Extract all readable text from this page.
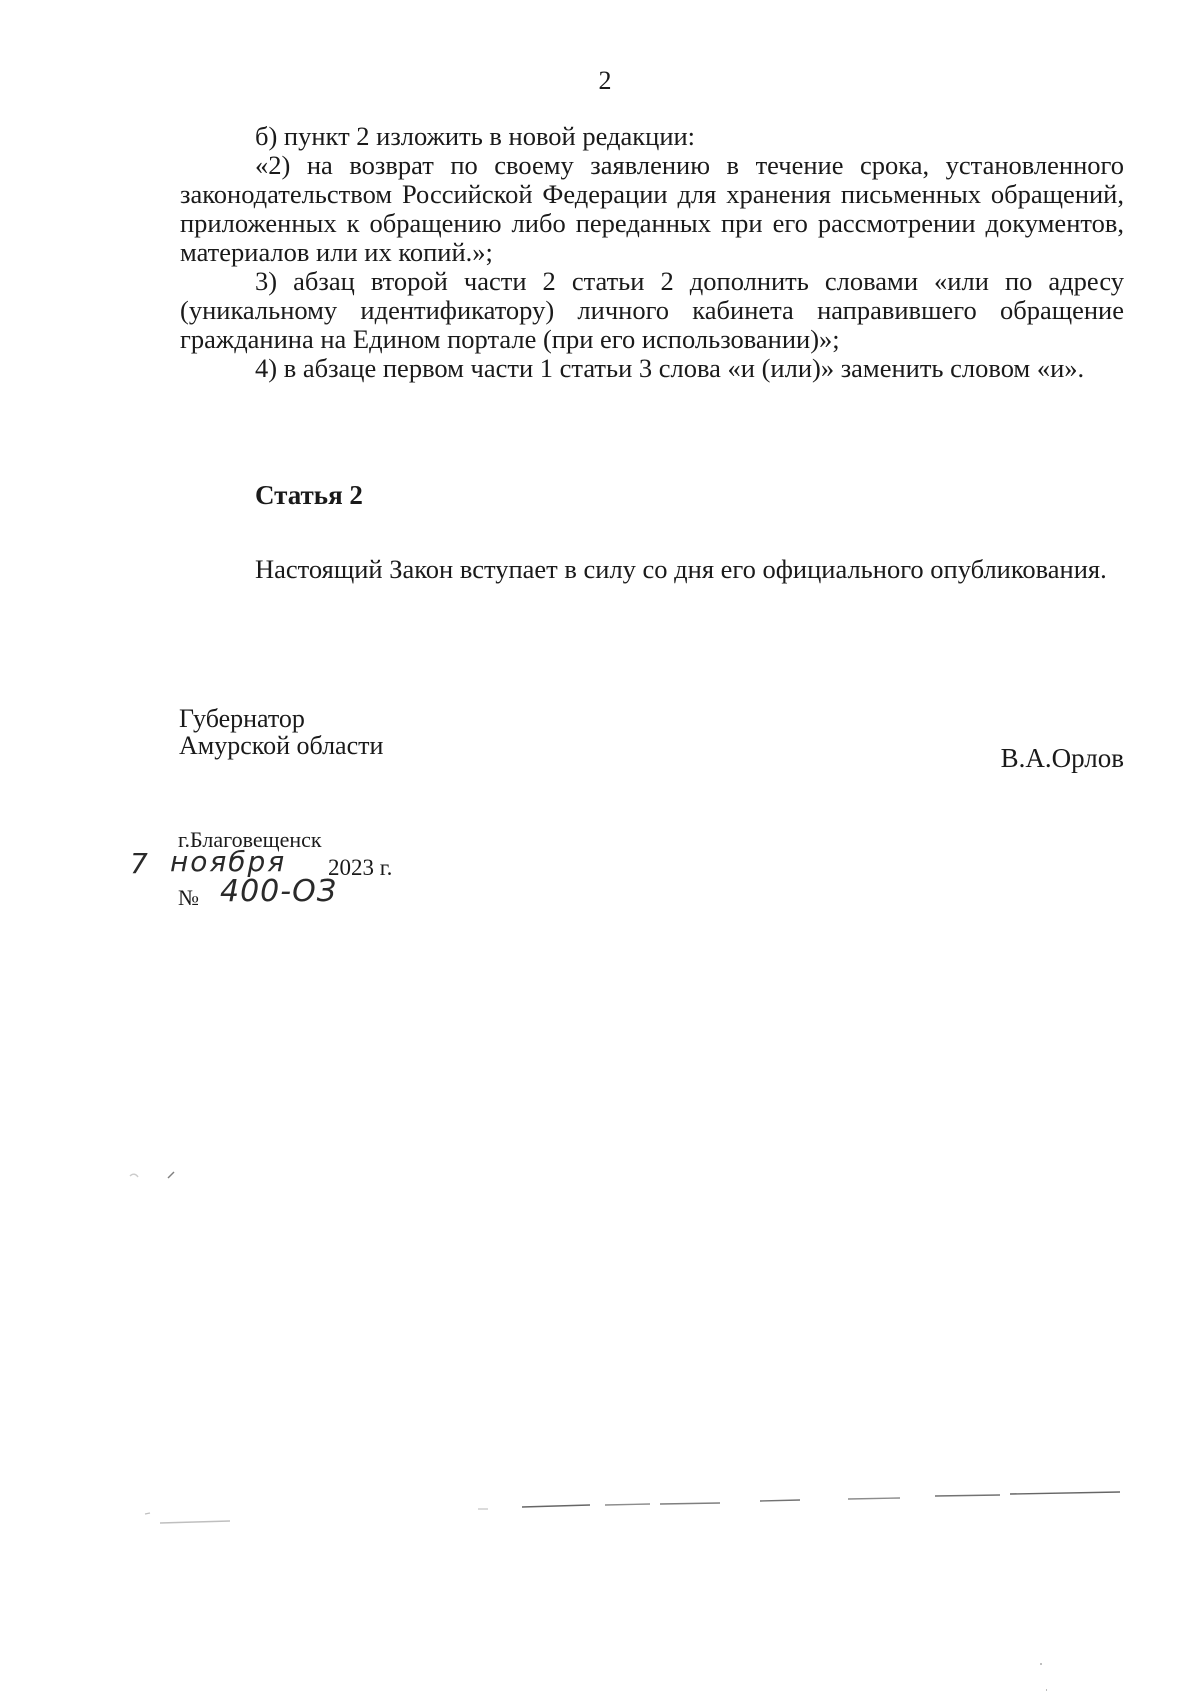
2

б) пункт 2 изложить в новой редакции:

«2) на возврат по своему заявлению в течение срока, установленного законодательством Российской Федерации для хранения письменных обращений, приложенных к обращению либо переданных при его рассмотрении документов, материалов или их копий.»;

3) абзац второй части 2 статьи 2 дополнить словами «или по адресу (уникальному идентификатору) личного кабинета направившего обращение гражданина на Едином портале (при его использовании)»;

4) в абзаце первом части 1 статьи 3 слова «и (или)» заменить словом «и».

Статья 2

Настоящий Закон вступает в силу со дня его официального опубликования.

Губернатор
Амурской области	В.А.Орлов
г.Благовещенск
7 ноября 2023 г.
№ 400-ОЗ
